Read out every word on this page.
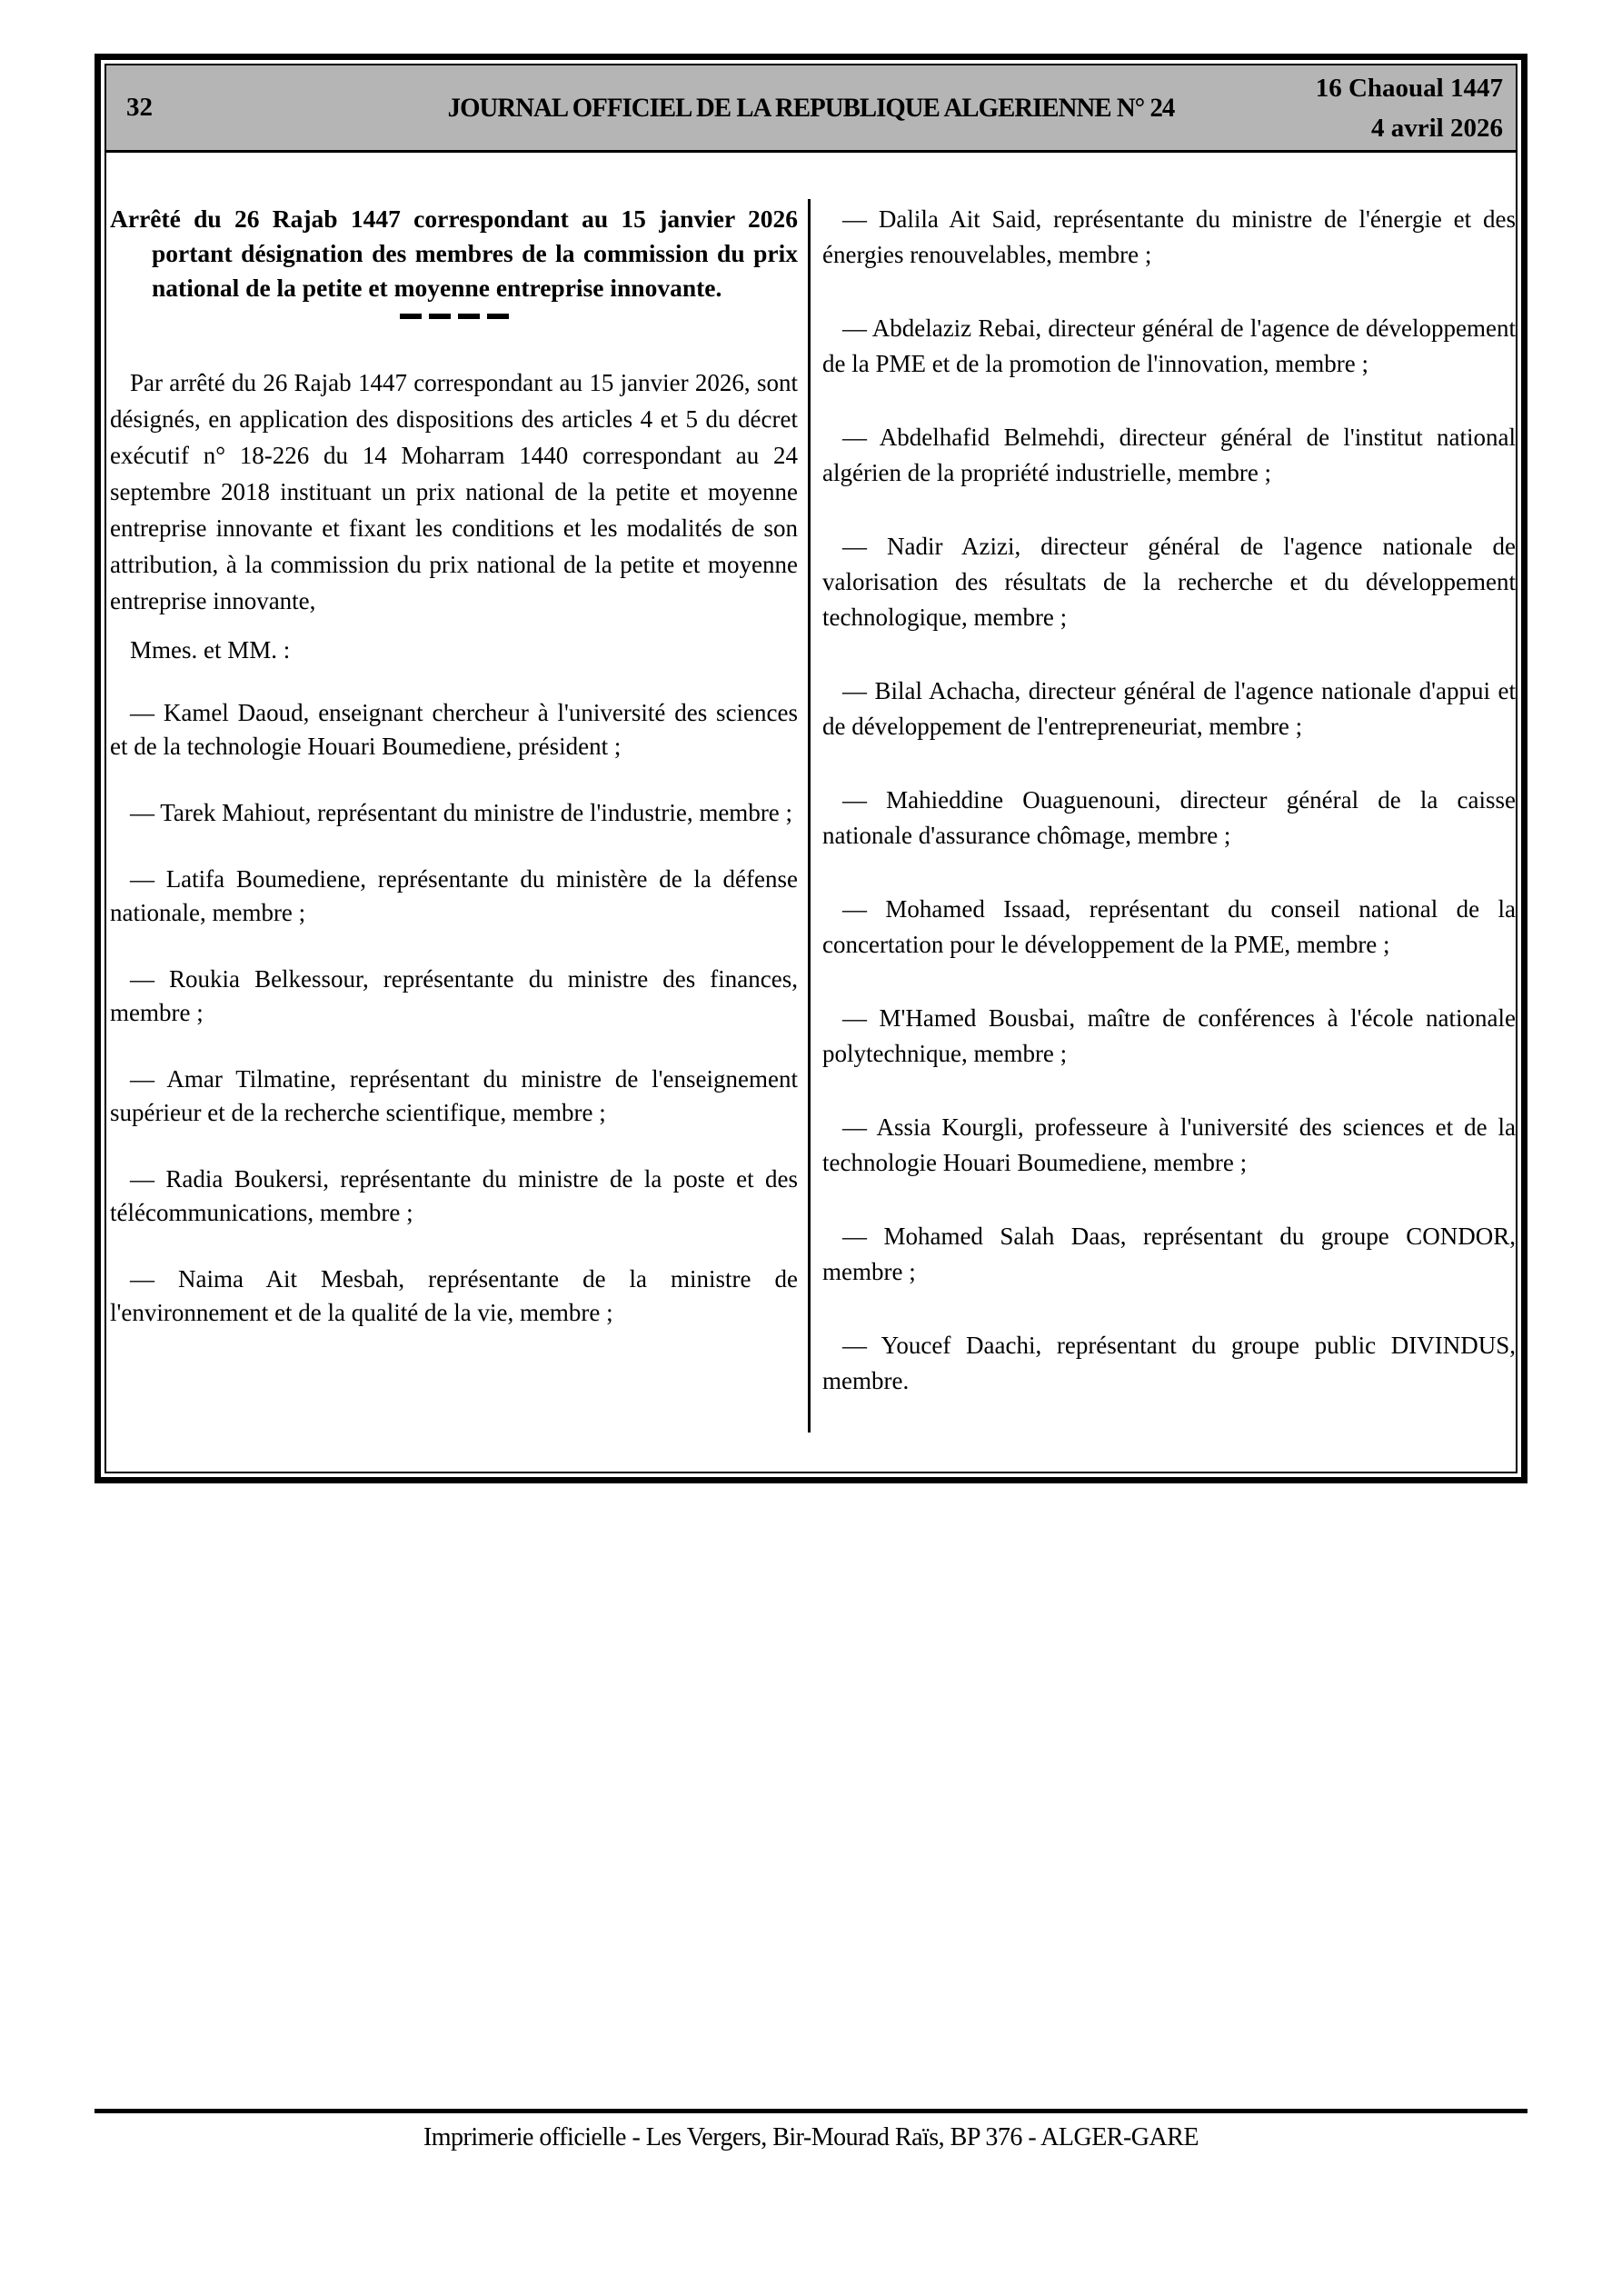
32	JOURNAL OFFICIEL DE LA REPUBLIQUE ALGERIENNE N° 24
16 Chaoual 1447
4 avril 2026

Arrêté du 26 Rajab 1447 correspondant au 15 janvier 2026 portant désignation des membres de la commission du prix national de la petite et moyenne entreprise innovante.

Par arrêté du 26 Rajab 1447 correspondant au 15 janvier 2026, sont désignés, en application des dispositions des articles 4 et 5 du décret exécutif n° 18-226 du 14 Moharram 1440 correspondant au 24 septembre 2018 instituant un prix national de la petite et moyenne entreprise innovante et fixant les conditions et les modalités de son attribution, à la commission du prix national de la petite et moyenne entreprise innovante,

Mmes. et MM. :

— Kamel Daoud, enseignant chercheur à l'université des sciences et de la technologie Houari Boumediene, président ;

— Tarek Mahiout, représentant du ministre de l'industrie, membre ;

— Latifa Boumediene, représentante du ministère de la défense nationale, membre ;

— Roukia Belkessour, représentante du ministre des finances, membre ;

— Amar Tilmatine, représentant du ministre de l'enseignement supérieur et de la recherche scientifique, membre ;

— Radia Boukersi, représentante du ministre de la poste et des télécommunications, membre ;

— Naima Ait Mesbah, représentante de la ministre de l'environnement et de la qualité de la vie, membre ;

— Dalila Ait Said, représentante du ministre de l'énergie et des énergies renouvelables, membre ;

— Abdelaziz Rebai, directeur général de l'agence de développement de la PME et de la promotion de l'innovation, membre ;

— Abdelhafid Belmehdi, directeur général de l'institut national algérien de la propriété industrielle, membre ;

— Nadir Azizi, directeur général de l'agence nationale de valorisation des résultats de la recherche et du développement technologique, membre ;

— Bilal Achacha, directeur général de l'agence nationale d'appui et de développement de l'entrepreneuriat, membre ;

— Mahieddine Ouaguenouni, directeur général de la caisse nationale d'assurance chômage, membre ;

— Mohamed Issaad, représentant du conseil national de la concertation pour le développement de la PME, membre ;

— M'Hamed Bousbai, maître de conférences à l'école nationale polytechnique, membre ;

— Assia Kourgli, professeure à l'université des sciences et de la technologie Houari Boumediene, membre ;

— Mohamed Salah Daas, représentant du groupe CONDOR, membre ;

— Youcef Daachi, représentant du groupe public DIVINDUS, membre.

Imprimerie officielle - Les Vergers, Bir-Mourad Raïs, BP 376 - ALGER-GARE
